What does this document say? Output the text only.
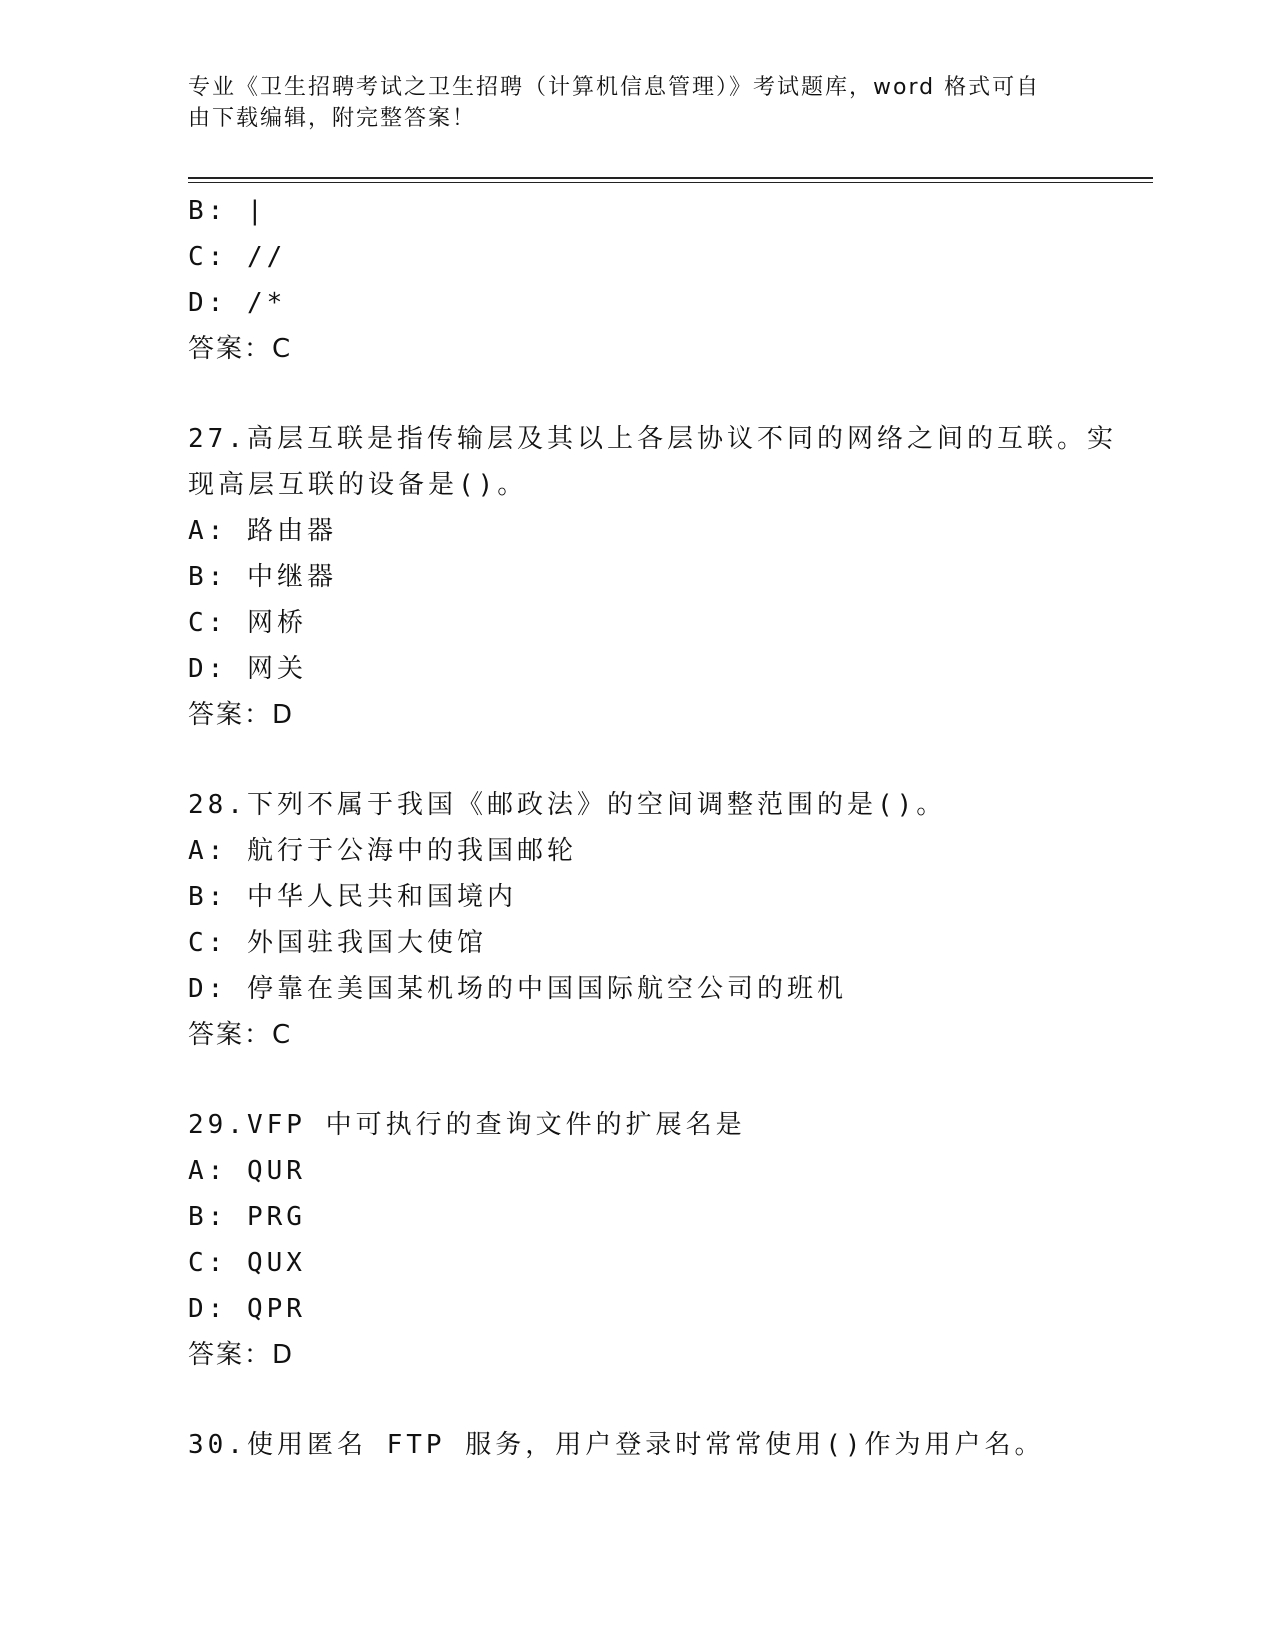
专业《卫生招聘考试之卫生招聘（计算机信息管理）》考试题库，word 格式可自
由下载编辑，附完整答案！
B: |
C: //
D: /*
答案：C
27.高层互联是指传输层及其以上各层协议不同的网络之间的互联。实
现高层互联的设备是()。
A: 路由器
B: 中继器
C: 网桥
D: 网关
答案：D
28.下列不属于我国《邮政法》的空间调整范围的是()。
A: 航行于公海中的我国邮轮
B: 中华人民共和国境内
C: 外国驻我国大使馆
D: 停靠在美国某机场的中国国际航空公司的班机
答案：C
29.VFP 中可执行的查询文件的扩展名是
A: QUR
B: PRG
C: QUX
D: QPR
答案：D
30.使用匿名 FTP 服务，用户登录时常常使用()作为用户名。
